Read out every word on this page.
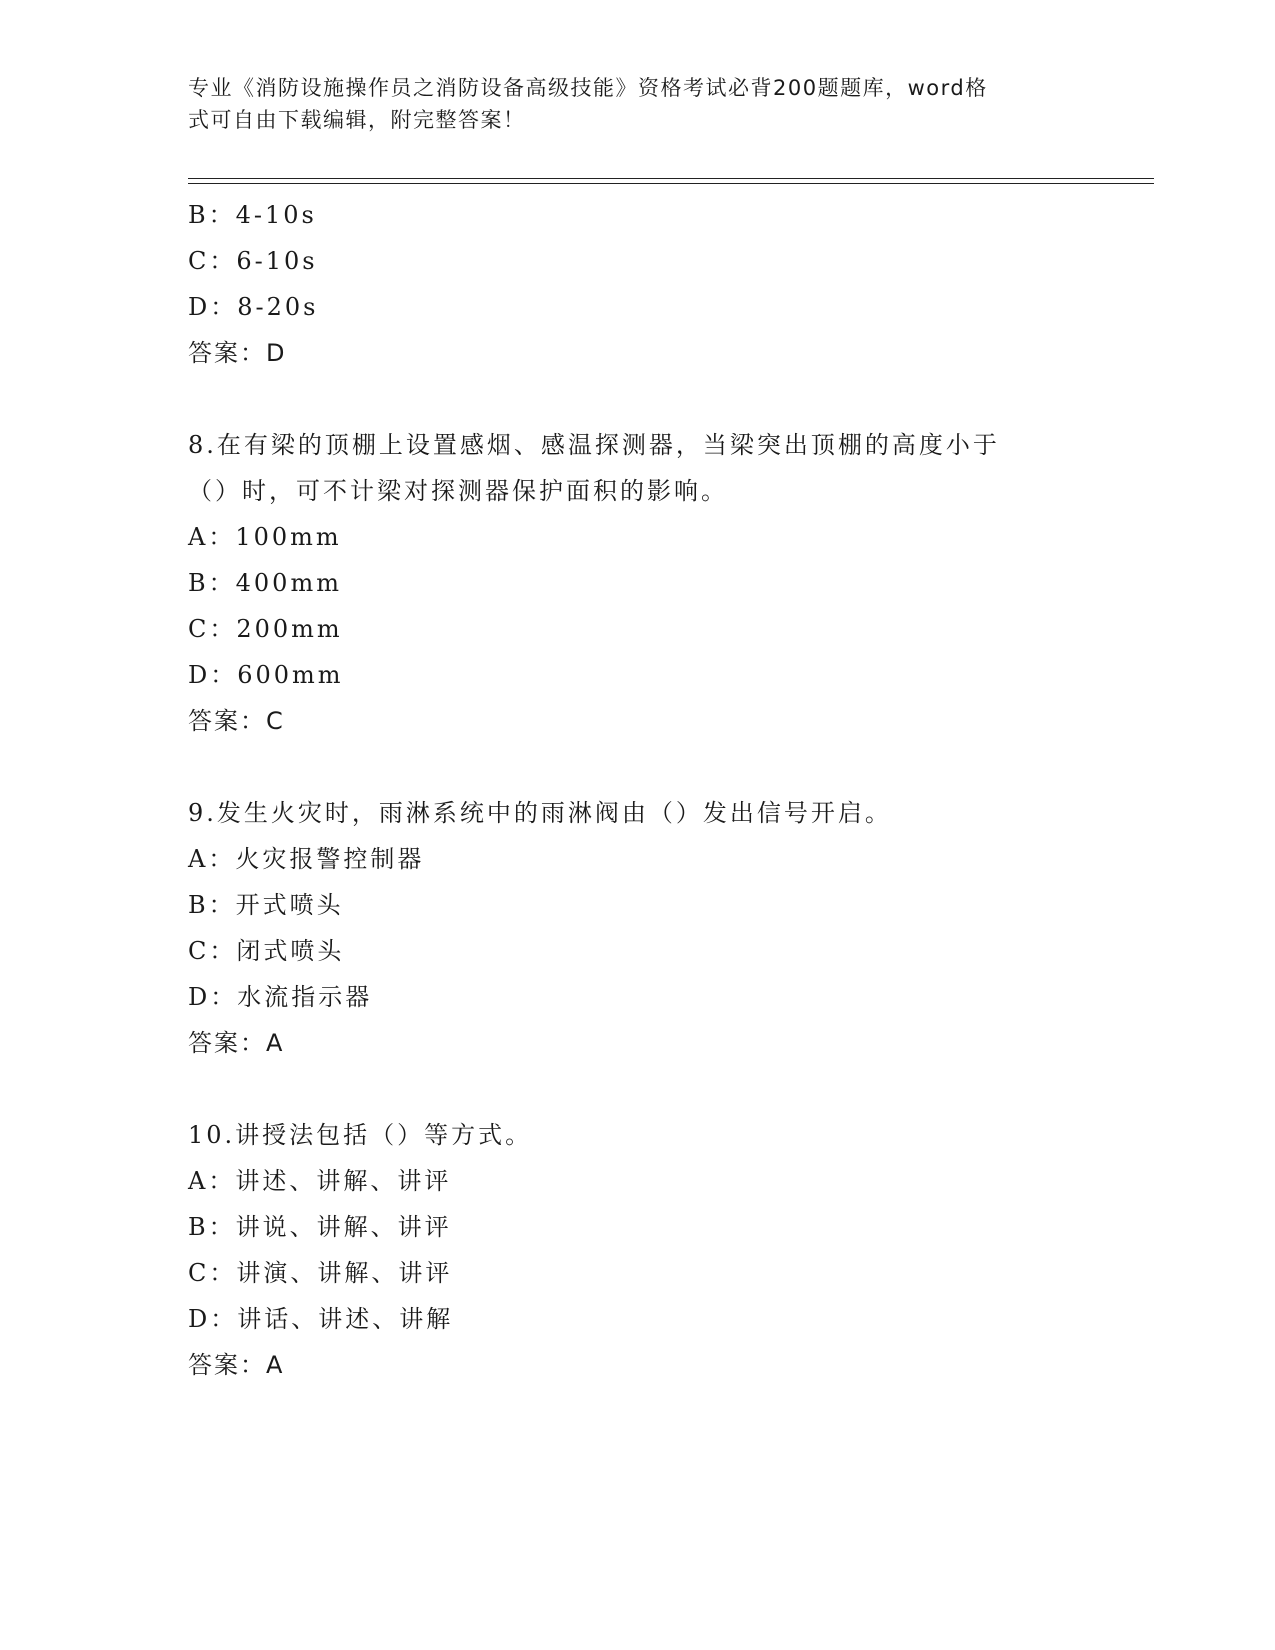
专业《消防设施操作员之消防设备高级技能》资格考试必背200题题库，word格
式可自由下载编辑，附完整答案！
B：4-10s
C：6-10s
D：8-20s
答案：D
8.在有梁的顶棚上设置感烟、感温探测器，当梁突出顶棚的高度小于
（）时，可不计梁对探测器保护面积的影响。
A：100mm
B：400mm
C：200mm
D：600mm
答案：C
9.发生火灾时，雨淋系统中的雨淋阀由（）发出信号开启。
A：火灾报警控制器
B：开式喷头
C：闭式喷头
D：水流指示器
答案：A
10.讲授法包括（）等方式。
A：讲述、讲解、讲评
B：讲说、讲解、讲评
C：讲演、讲解、讲评
D：讲话、讲述、讲解
答案：A
